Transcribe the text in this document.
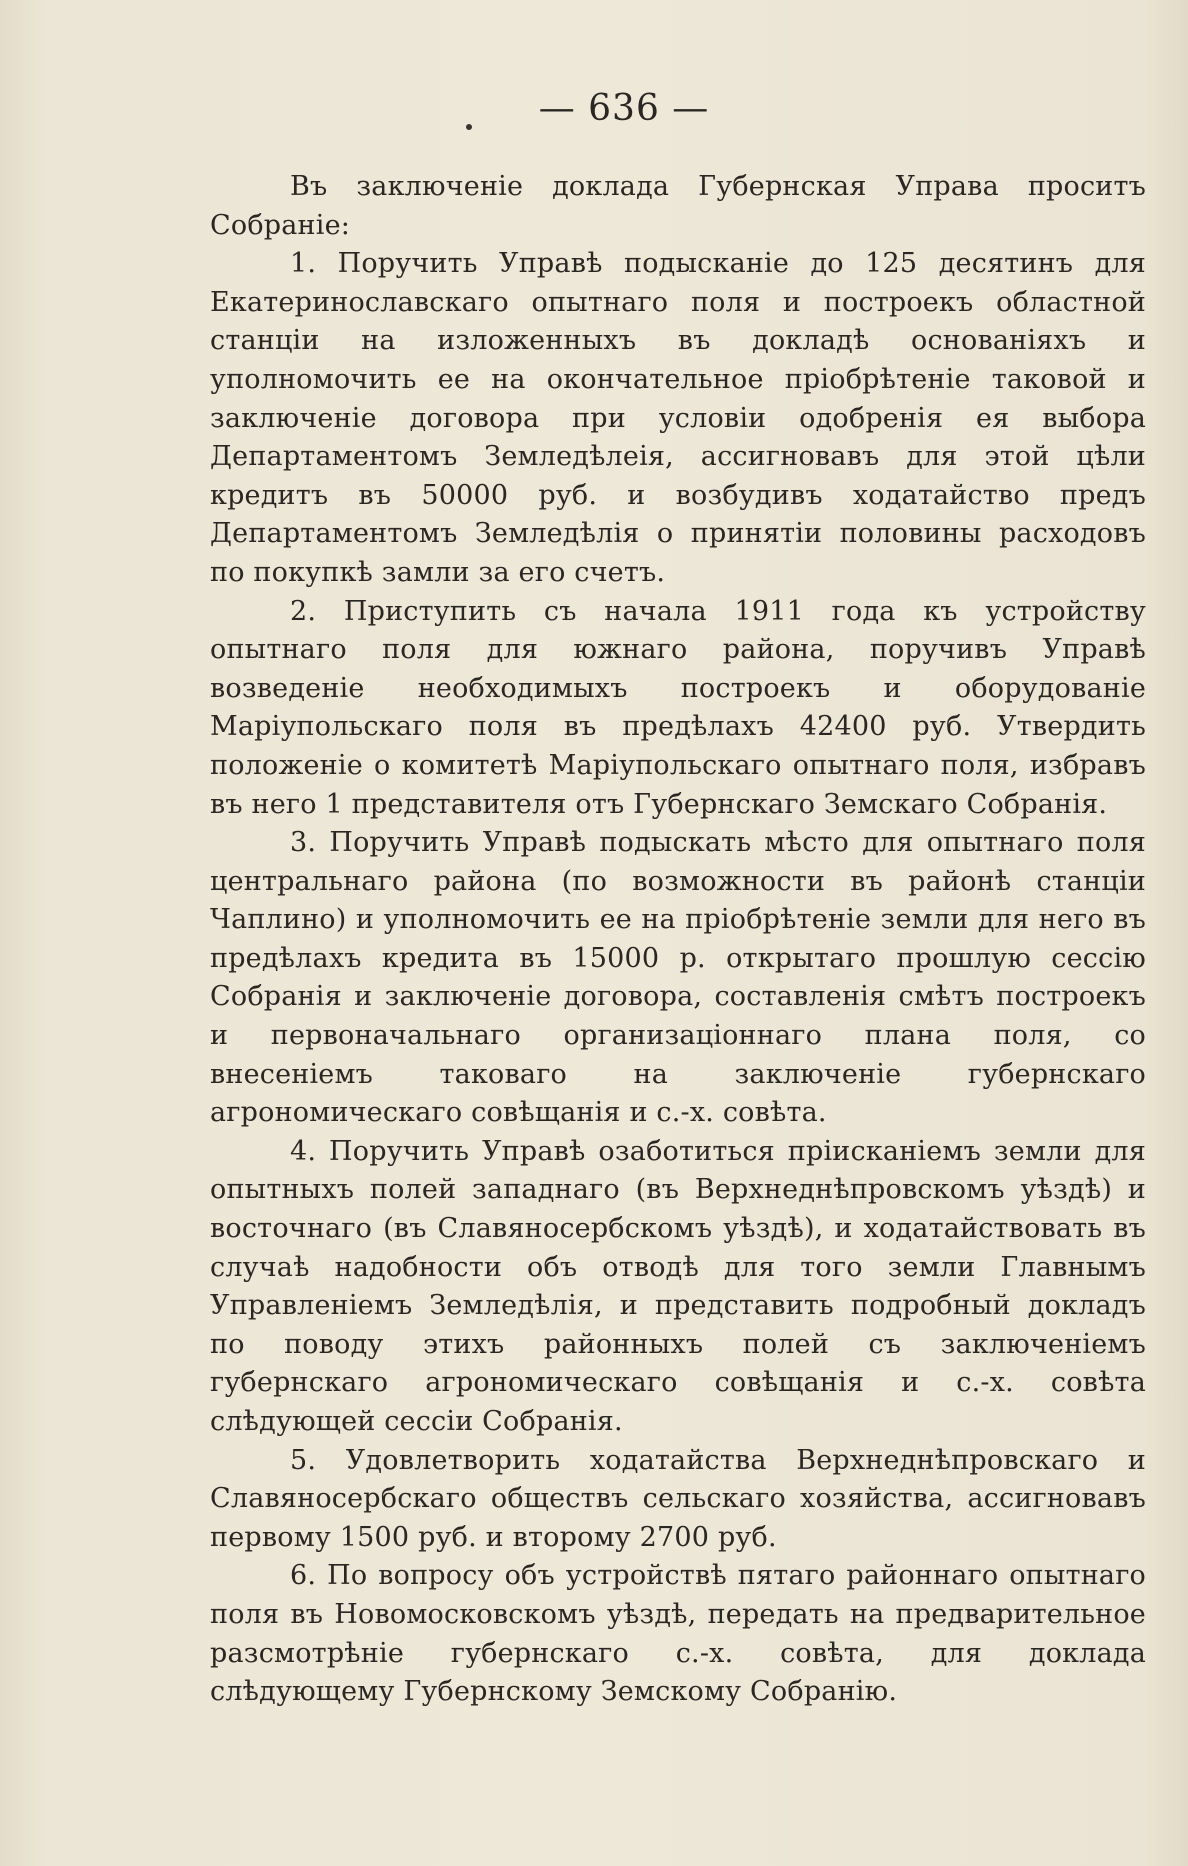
— 636 —

Въ заключеніе доклада Губернская Управа проситъ Собраніе:

1. Поручить Управѣ подысканіе до 125 десятинъ для Екатеринославскаго опытнаго поля и построекъ областной станціи на изложенныхъ въ докладѣ основаніяхъ и уполномочить ее на окончательное пріобрѣтеніе таковой и заключеніе договора при условіи одобренія ея выбора Департаментомъ Земледѣлеія, ассигновавъ для этой цѣли кредитъ въ 50000 руб. и возбудивъ ходатайство предъ Департаментомъ Земледѣлія о принятіи половины расходовъ по покупкѣ замли за его счетъ.

2. Приступить съ начала 1911 года къ устройству опытнаго поля для южнаго района, поручивъ Управѣ возведеніе необходимыхъ построекъ и оборудованіе Маріупольскаго поля въ предѣлахъ 42400 руб. Утвердить положеніе о комитетѣ Маріупольскаго опытнаго поля, избравъ въ него 1 представителя отъ Губернскаго Земскаго Собранія.

3. Поручить Управѣ подыскать мѣсто для опытнаго поля центральнаго района (по возможности въ районѣ станціи Чаплино) и уполномочить ее на пріобрѣтеніе земли для него въ предѣлахъ кредита въ 15000 р. открытаго прошлую сессію Собранія и заключеніе договора, составленія смѣтъ построекъ и первоначальнаго организаціоннаго плана поля, со внесеніемъ таковаго на заключеніе губернскаго агрономическаго совѣщанія и с.-х. совѣта.

4. Поручить Управѣ озаботиться пріисканіемъ земли для опытныхъ полей западнаго (въ Верхнеднѣпровскомъ уѣздѣ) и восточнаго (въ Славяносербскомъ уѣздѣ), и ходатайствовать въ случаѣ надобности объ отводѣ для того земли Главнымъ Управленіемъ Земледѣлія, и представить подробный докладъ по поводу этихъ районныхъ полей съ заключеніемъ губернскаго агрономическаго совѣщанія и с.-х. совѣта слѣдующей сессіи Собранія.

5. Удовлетворить ходатайства Верхнеднѣпровскаго и Славяносербскаго обществъ сельскаго хозяйства, ассигновавъ первому 1500 руб. и второму 2700 руб.

6. По вопросу объ устройствѣ пятаго районнаго опытнаго поля въ Новомосковскомъ уѣздѣ, передать на предварительное разсмотрѣніе губернскаго с.-х. совѣта, для доклада слѣдующему Губернскому Земскому Собранію.
